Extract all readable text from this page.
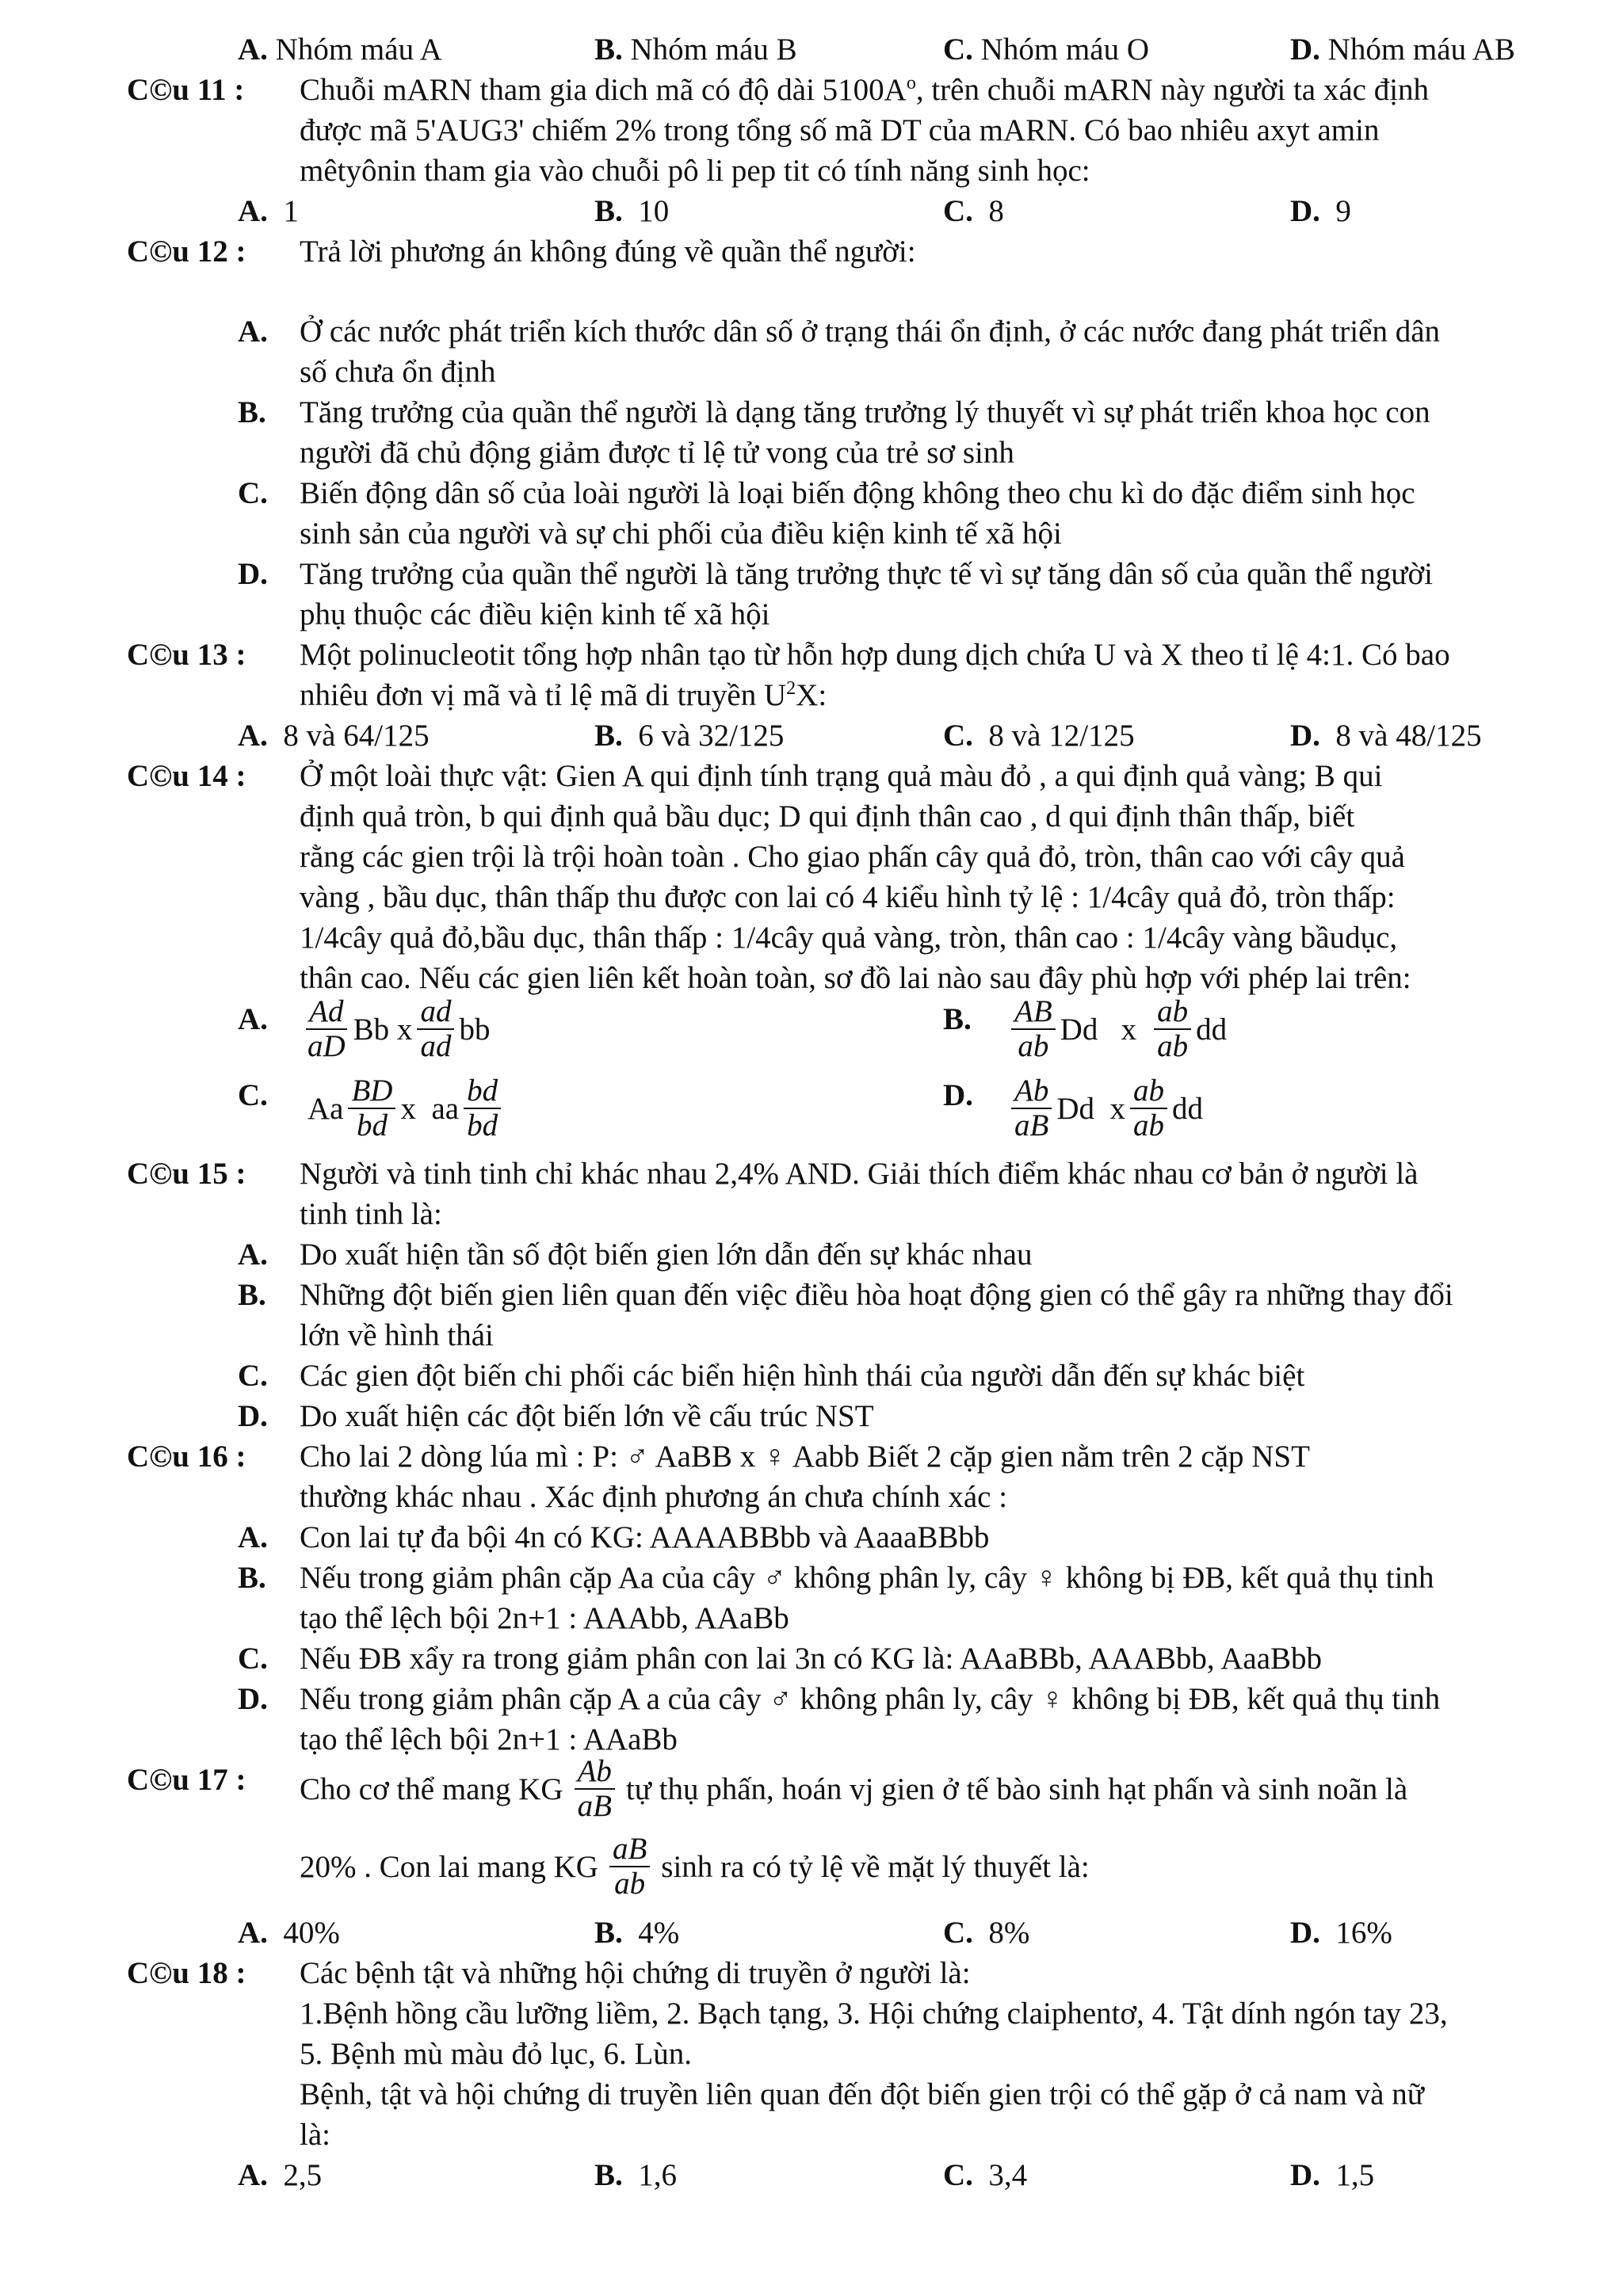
A. Nhóm máu A	B. Nhóm máu B	C. Nhóm máu O	D. Nhóm máu AB
C©u 11 : Chuỗi mARN tham gia dich mã có độ dài $5100A^o$, trên chuỗi mARN này người ta xác định
được mã 5'AUG3' chiếm 2% trong tổng số mã DT của mARN. Có bao nhiêu axyt amin
mêtyônin tham gia vào chuỗi pô li pep tit có tính năng sinh học:
A. 1	B. 10	C. 8	D. 9
C©u 12 : Trả lời phương án không đúng về quần thể người:
A. Ở các nước phát triển kích thước dân số ở trạng thái ổn định, ở các nước đang phát triển dân
số chưa ổn định
B. Tăng trưởng của quần thể người là dạng tăng trưởng lý thuyết vì sự phát triển khoa học con
người đã chủ động giảm được tỉ lệ tử vong của trẻ sơ sinh
C. Biến động dân số của loài người là loại biến động không theo chu kì do đặc điểm sinh học
sinh sản của người và sự chi phối của điều kiện kinh tế xã hội
D. Tăng trưởng của quần thể người là tăng trưởng thực tế vì sự tăng dân số của quần thể người
phụ thuộc các điều kiện kinh tế xã hội
C©u 13 : Một polinucleotit tổng hợp nhân tạo từ hỗn hợp dung dịch chứa U và X theo tỉ lệ 4:1. Có bao
nhiêu đơn vị mã và tỉ lệ mã di truyền $U^2X$:
A. 8 và 64/125	B. 6 và 32/125	C. 8 và 12/125	D. 8 và 48/125
C©u 14 : Ở một loài thực vật: Gien A qui định tính trạng quả màu đỏ , a qui định quả vàng; B qui
định quả tròn, b qui định quả bầu dục; D qui định thân cao , d qui định thân thấp, biết
rằng các gien trội là trội hoàn toàn . Cho giao phấn cây quả đỏ, tròn, thân cao với cây quả
vàng , bầu dục, thân thấp thu được con lai có 4 kiểu hình tỷ lệ : 1/4cây quả đỏ, tròn thấp:
1/4cây quả đỏ,bầu dục, thân thấp : 1/4cây quả vàng, tròn, thân cao : 1/4cây vàng bầudục,
thân cao. Nếu các gien liên kết hoàn toàn, sơ đồ lai nào sau đây phù hợp với phép lai trên:
A. $\frac{Ad}{aD}$ Bb x $\frac{ad}{ad}$ bb	B. $\frac{AB}{ab}$ Dd   x $\frac{ab}{ab}$ dd
C. Aa $\frac{BD}{bd}$ x  aa $\frac{bd}{bd}$	D. $\frac{Ab}{aB}$ Dd  x $\frac{ab}{ab}$ dd
C©u 15 : Người và tinh tinh chỉ khác nhau 2,4% AND. Giải thích điểm khác nhau cơ bản ở người là
tinh tinh là:
A. Do xuất hiện tần số đột biến gien lớn dẫn đến sự khác nhau
B. Những đột biến gien liên quan đến việc điều hòa hoạt động gien có thể gây ra những thay đổi
lớn về hình thái
C. Các gien đột biến chi phối các biển hiện hình thái của người dẫn đến sự khác biệt
D. Do xuất hiện các đột biến lớn về cấu trúc NST
C©u 16 : Cho lai 2 dòng lúa mì : P: ♂ AaBB x ♀ Aabb Biết 2 cặp gien nằm trên 2 cặp NST
thường khác nhau . Xác định phương án chưa chính xác :
A. Con lai tự đa bội 4n có KG: AAAABBbb và AaaaBBbb
B. Nếu trong giảm phân cặp Aa của cây ♂ không phân ly, cây ♀ không bị ĐB, kết quả thụ tinh
tạo thể lệch bội 2n+1 : AAAbb, AAaBb
C. Nếu ĐB xẩy ra trong giảm phân con lai 3n có KG là: AAaBBb, AAABbb, AaaBbb
D. Nếu trong giảm phân cặp A a của cây ♂ không phân ly, cây ♀ không bị ĐB, kết quả thụ tinh
tạo thể lệch bội 2n+1 : AAaBb
C©u 17 : Cho cơ thể mang KG $\frac{Ab}{aB}$ tự thụ phấn, hoán vj gien ở tế bào sinh hạt phấn và sinh noãn là
20% . Con lai mang KG $\frac{aB}{ab}$ sinh ra có tỷ lệ về mặt lý thuyết là:
A. 40%	B. 4%	C. 8%	D. 16%
C©u 18 : Các bệnh tật và những hội chứng di truyền ở người là:
1.Bệnh hồng cầu lưỡng liềm, 2. Bạch tạng, 3. Hội chứng claiphentơ, 4. Tật dính ngón tay 23,
5. Bệnh mù màu đỏ lục, 6. Lùn.
Bệnh, tật và hội chứng di truyền liên quan đến đột biến gien trội có thể gặp ở cả nam và nữ
là:
A. 2,5	B. 1,6	C. 3,4	D. 1,5
